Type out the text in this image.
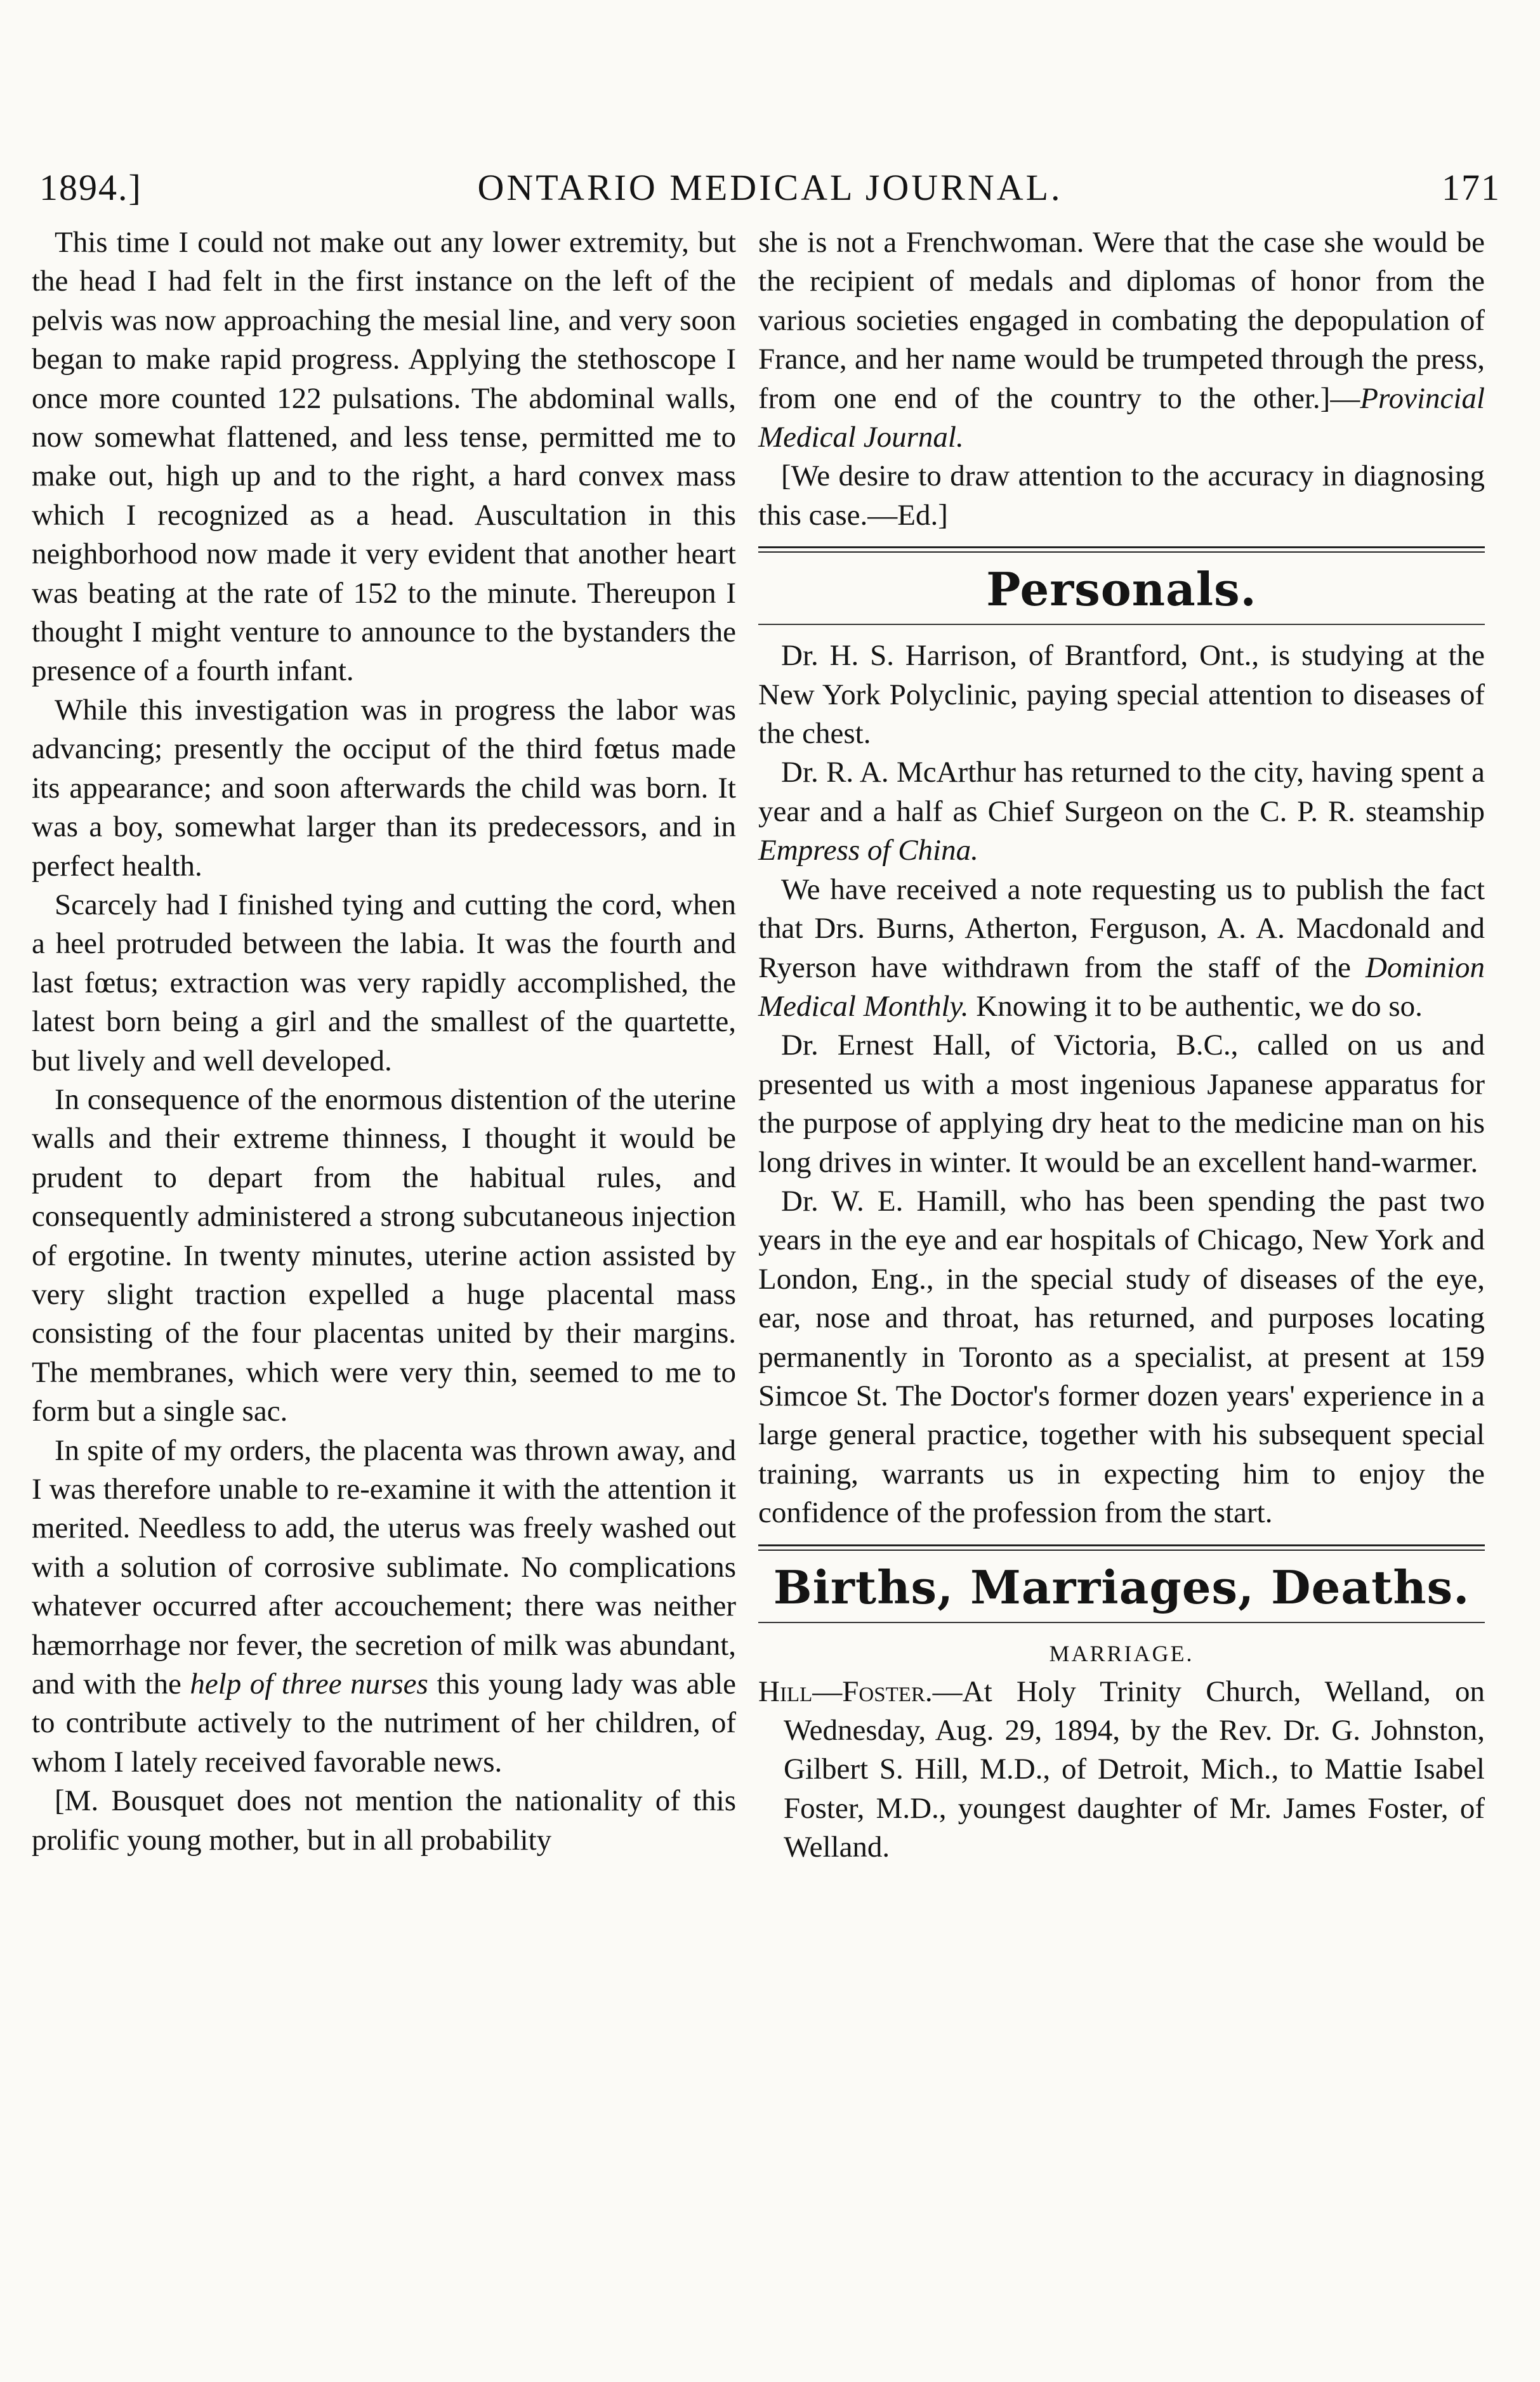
1894.]	ONTARIO MEDICAL JOURNAL.	171

This time I could not make out any lower extremity, but the head I had felt in the first instance on the left of the pelvis was now approaching the mesial line, and very soon began to make rapid progress. Applying the stethoscope I once more counted 122 pulsations. The abdominal walls, now somewhat flattened, and less tense, permitted me to make out, high up and to the right, a hard convex mass which I recognized as a head. Auscultation in this neighborhood now made it very evident that another heart was beating at the rate of 152 to the minute. Thereupon I thought I might venture to announce to the bystanders the presence of a fourth infant.

While this investigation was in progress the labor was advancing; presently the occiput of the third fœtus made its appearance; and soon afterwards the child was born. It was a boy, somewhat larger than its predecessors, and in perfect health.

Scarcely had I finished tying and cutting the cord, when a heel protruded between the labia. It was the fourth and last fœtus; extraction was very rapidly accomplished, the latest born being a girl and the smallest of the quartette, but lively and well developed.

In consequence of the enormous distention of the uterine walls and their extreme thinness, I thought it would be prudent to depart from the habitual rules, and consequently administered a strong subcutaneous injection of ergotine. In twenty minutes, uterine action assisted by very slight traction expelled a huge placental mass consisting of the four placentas united by their margins. The membranes, which were very thin, seemed to me to form but a single sac.

In spite of my orders, the placenta was thrown away, and I was therefore unable to re-examine it with the attention it merited. Needless to add, the uterus was freely washed out with a solution of corrosive sublimate. No complications whatever occurred after accouchement; there was neither hæmorrhage nor fever, the secretion of milk was abundant, and with the help of three nurses this young lady was able to contribute actively to the nutriment of her children, of whom I lately received favorable news.

[M. Bousquet does not mention the nationality of this prolific young mother, but in all probability

she is not a Frenchwoman. Were that the case she would be the recipient of medals and diplomas of honor from the various societies engaged in combating the depopulation of France, and her name would be trumpeted through the press, from one end of the country to the other.]—Provincial Medical Journal.

[We desire to draw attention to the accuracy in diagnosing this case.—Ed.]

Personals.

Dr. H. S. Harrison, of Brantford, Ont., is studying at the New York Polyclinic, paying special attention to diseases of the chest.

Dr. R. A. McArthur has returned to the city, having spent a year and a half as Chief Surgeon on the C. P. R. steamship Empress of China.

We have received a note requesting us to publish the fact that Drs. Burns, Atherton, Ferguson, A. A. Macdonald and Ryerson have withdrawn from the staff of the Dominion Medical Monthly. Knowing it to be authentic, we do so.

Dr. Ernest Hall, of Victoria, B.C., called on us and presented us with a most ingenious Japanese apparatus for the purpose of applying dry heat to the medicine man on his long drives in winter. It would be an excellent hand-warmer.

Dr. W. E. Hamill, who has been spending the past two years in the eye and ear hospitals of Chicago, New York and London, Eng., in the special study of diseases of the eye, ear, nose and throat, has returned, and purposes locating permanently in Toronto as a specialist, at present at 159 Simcoe St. The Doctor's former dozen years' experience in a large general practice, together with his subsequent special training, warrants us in expecting him to enjoy the confidence of the profession from the start.

Births, Marriages, Deaths.
MARRIAGE.

Hill—Foster.—At Holy Trinity Church, Welland, on Wednesday, Aug. 29, 1894, by the Rev. Dr. G. Johnston, Gilbert S. Hill, M.D., of Detroit, Mich., to Mattie Isabel Foster, M.D., youngest daughter of Mr. James Foster, of Welland.
